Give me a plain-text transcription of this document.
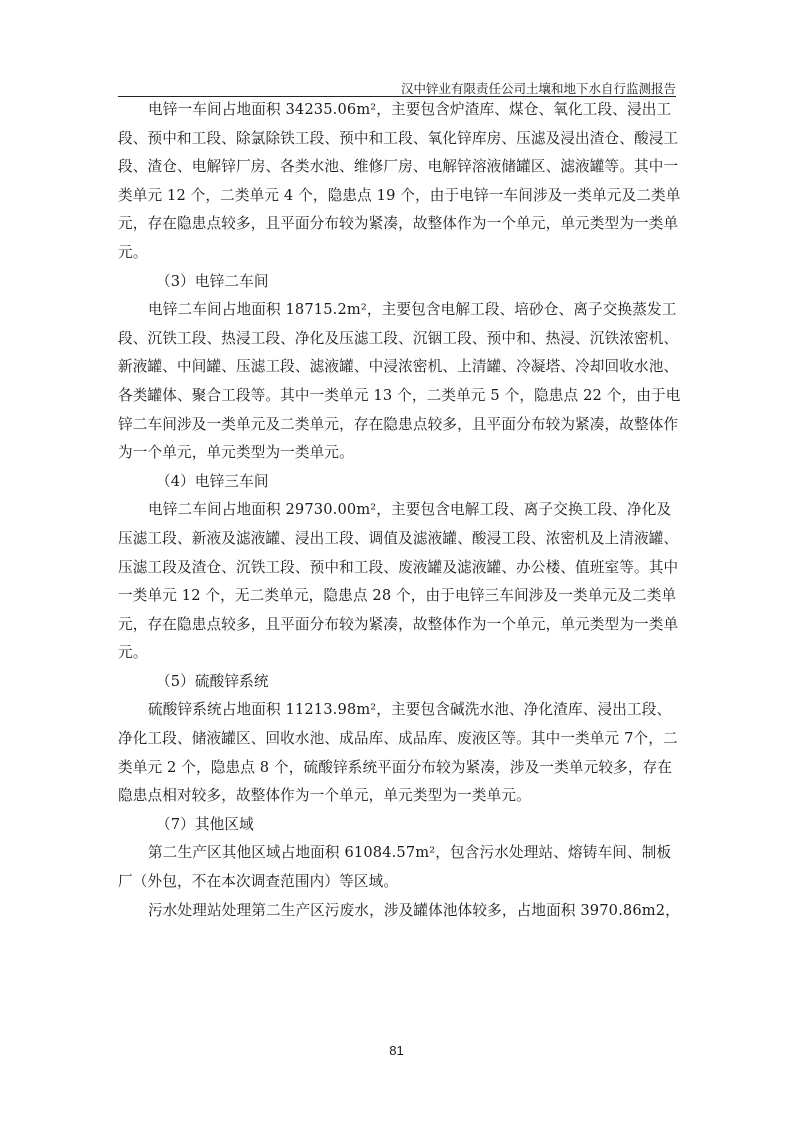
汉中锌业有限责任公司土壤和地下水自行监测报告

电锌一车间占地面积 34235.06m²，主要包含炉渣库、煤仓、氧化工段、浸出工段、预中和工段、除氯除铁工段、预中和工段、氧化锌库房、压滤及浸出渣仓、酸浸工段、渣仓、电解锌厂房、各类水池、维修厂房、电解锌溶液储罐区、滤液罐等。其中一类单元 12 个，二类单元 4 个，隐患点 19 个，由于电锌一车间涉及一类单元及二类单元，存在隐患点较多，且平面分布较为紧凑，故整体作为一个单元，单元类型为一类单元。

（3）电锌二车间

电锌二车间占地面积 18715.2m²，主要包含电解工段、培砂仓、离子交换蒸发工段、沉铁工段、热浸工段、净化及压滤工段、沉铟工段、预中和、热浸、沉铁浓密机、新液罐、中间罐、压滤工段、滤液罐、中浸浓密机、上清罐、冷凝塔、冷却回收水池、各类罐体、聚合工段等。其中一类单元 13 个，二类单元 5 个，隐患点 22 个，由于电锌二车间涉及一类单元及二类单元，存在隐患点较多，且平面分布较为紧凑，故整体作为一个单元，单元类型为一类单元。

（4）电锌三车间

电锌二车间占地面积 29730.00m²，主要包含电解工段、离子交换工段、净化及压滤工段、新液及滤液罐、浸出工段、调值及滤液罐、酸浸工段、浓密机及上清液罐、压滤工段及渣仓、沉铁工段、预中和工段、废液罐及滤液罐、办公楼、值班室等。其中一类单元 12 个，无二类单元，隐患点 28 个，由于电锌三车间涉及一类单元及二类单元，存在隐患点较多，且平面分布较为紧凑，故整体作为一个单元，单元类型为一类单元。

（5）硫酸锌系统

硫酸锌系统占地面积 11213.98m²，主要包含碱洗水池、净化渣库、浸出工段、净化工段、储液罐区、回收水池、成品库、成品库、废液区等。其中一类单元 7个，二类单元 2 个，隐患点 8 个，硫酸锌系统平面分布较为紧凑，涉及一类单元较多，存在隐患点相对较多，故整体作为一个单元，单元类型为一类单元。

（7）其他区域

第二生产区其他区域占地面积 61084.57m²，包含污水处理站、熔铸车间、制板厂（外包，不在本次调查范围内）等区域。

污水处理站处理第二生产区污废水，涉及罐体池体较多，占地面积 3970.86m2，

81
